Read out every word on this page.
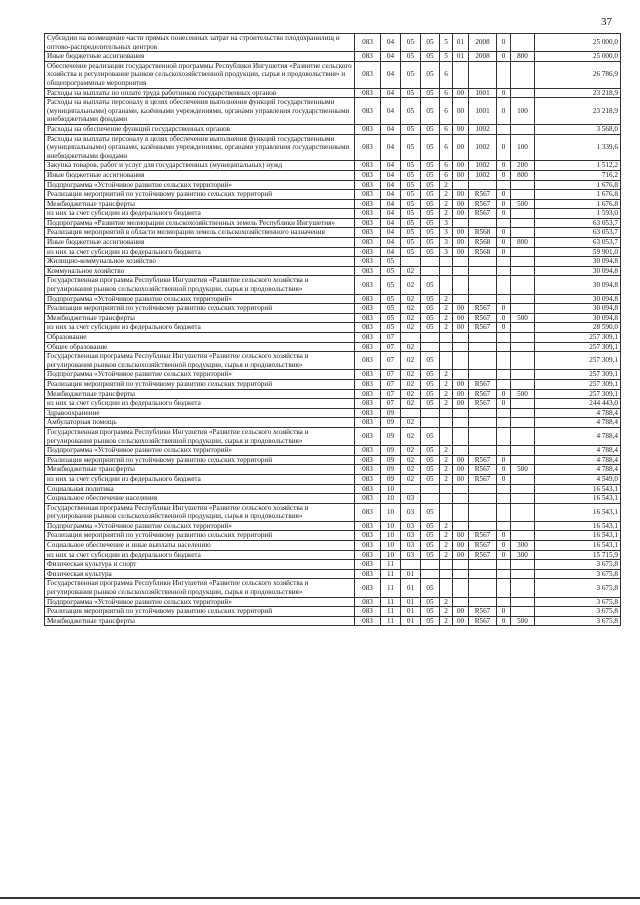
37
Субсидии на возмещение части прямых понесенных затрат на строительство плодохранилищ и оптово-распределительных центров	083	04	05	05	5	01	2008	0		25 000,0
Иные бюджетные ассигнования	083	04	05	05	5	01	2008	0	800	25 000,0
Обеспечение реализации государственной программы Республики Ингушетия «Развитие сельского хозяйства и регулирование рынков сельскохозяйственной продукции, сырья и продовольствия» и общепрограммные мероприятия	083	04	05	05	6					26 786,9
Расходы на выплаты по оплате труда работников государственных органов	083	04	05	05	6	00	1001	0		23 218,9
Расходы на выплаты персоналу в целях обеспечения выполнения функций государственными (муниципальными) органами, казёнными учреждениями, органами управления государственными внебюджетными фондами	083	04	05	05	6	00	1001	0	100	23 218,9
Расходы на обеспечение функций государственных органов	083	04	05	05	6	00	1002			3 568,0
Расходы на выплаты персоналу в целях обеспечения выполнения функций государственными (муниципальными) органами, казёнными учреждениями, органами управления государственными внебюджетными фондами	083	04	05	05	6	00	1002	0	100	1 339,6
Закупка товаров, работ и услуг для государственных (муниципальных) нужд	083	04	05	05	6	00	1002	0	200	1 512,2
Иные бюджетные ассигнования	083	04	05	05	6	00	1002	0	800	716,2
Подпрограмма «Устойчивое развитие сельских территорий»	083	04	05	05	2					1 676,8
Реализация мероприятий по устойчивому развитию сельских территорий	083	04	05	05	2	00	R567	0		1 676,8
Межбюджетные трансферты	083	04	05	05	2	00	R567	0	500	1 676,8
из них за счет субсидии из федерального бюджета	083	04	05	05	2	00	R567	0		1 593,0
Подпрограмма «Развитие мелиорации сельскохозяйственных земель Республики Ингушетия»	083	04	05	05	3					63 053,7
Реализация мероприятий в области мелиорации земель сельскохозяйственного назначения	083	04	05	05	3	00	R568	0		63 053,7
Иные бюджетные ассигнования	083	04	05	05	3	00	R568	0	800	63 053,7
из них за счет субсидии из федерального бюджета	083	04	05	05	3	00	R568	0		59 901,0
Жилищно-коммунальное хозяйство	083	05								30 094,8
Коммунальное хозяйство	083	05	02							30 094,8
Государственная программа Республики Ингушетия «Развитие сельского хозяйства и регулирования рынков сельскохозяйственной продукции, сырья и продовольствия»	083	05	02	05						30 094,8
Подпрограмма «Устойчивое развитие сельских территорий»	083	05	02	05	2					30 094,8
Реализация мероприятий по устойчивому развитию сельских территорий	083	05	02	05	2	00	R567	0		30 094,8
Межбюджетные трансферты	083	05	02	05	2	00	R567	0	500	30 094,8
из них за счет субсидии из федерального бюджета	083	05	02	05	2	00	R567	0		28 590,0
Образование	083	07								257 309,1
Общее образование	083	07	02							257 309,1
Государственная программа Республики Ингушетия «Развитие сельского хозяйства и регулирования рынков сельскохозяйственной продукции, сырья и продовольствия»	083	07	02	05						257 309,1
Подпрограмма «Устойчивое развитие сельских территорий»	083	07	02	05	2					257 309,1
Реализация мероприятий по устойчивому развитию сельских территорий	083	07	02	05	2	00	R567			257 309,1
Межбюджетные трансферты	083	07	02	05	2	00	R567	0	500	257 309,1
из них за счет субсидии из федерального бюджета	083	07	02	05	2	00	R567	0		244 443,0
Здравоохранение	083	09								4 788,4
Амбулаторная помощь	083	09	02							4 788,4
Государственная программа Республики Ингушетия «Развитие сельского хозяйства и регулирования рынков сельскохозяйственной продукции, сырья и продовольствия»	083	09	02	05						4 788,4
Подпрограмма «Устойчивое развитие сельских территорий»	083	09	02	05	2					4 788,4
Реализация мероприятий по устойчивому развитию сельских территорий	083	09	02	05	2	00	R567	0		4 788,4
Межбюджетные трансферты	083	09	02	05	2	00	R567	0	500	4 788,4
из них за счет субсидии из федерального бюджета	083	09	02	05	2	00	R567	0		4 549,0
Социальная политика	083	10								16 543,1
Социальное обеспечение населения	083	10	03							16 543,1
Государственная программа Республики Ингушетия «Развитие сельского хозяйства и регулирования рынков сельскохозяйственной продукции, сырья и продовольствия»	083	10	03	05						16 543,1
Подпрограмма «Устойчивое развитие сельских территорий»	083	10	03	05	2					16 543,1
Реализация мероприятий по устойчивому развитию сельских территорий	083	10	03	05	2	00	R567	0		16 543,1
Социальное обеспечение и иные выплаты населению	083	10	03	05	2	00	R567	0	300	16 543,1
из них за счет субсидии из федерального бюджета	083	10	03	05	2	00	R567	0	300	15 715,9
Физическая культура и спорт	083	11								3 675,8
Физическая культура	083	11	01							3 675,8
Государственная программа Республики Ингушетия «Развитие сельского хозяйства и регулирования рынков сельскохозяйственной продукции, сырья и продовольствия»	083	11	01	05						3 675,8
Подпрограмма «Устойчивое развитие сельских территорий»	083	11	01	05	2					3 675,8
Реализация мероприятий по устойчивому развитию сельских территорий	083	11	01	05	2	00	R567	0		3 675,8
Межбюджетные трансферты	083	11	01	05	2	00	R567	0	500	3 675,8
